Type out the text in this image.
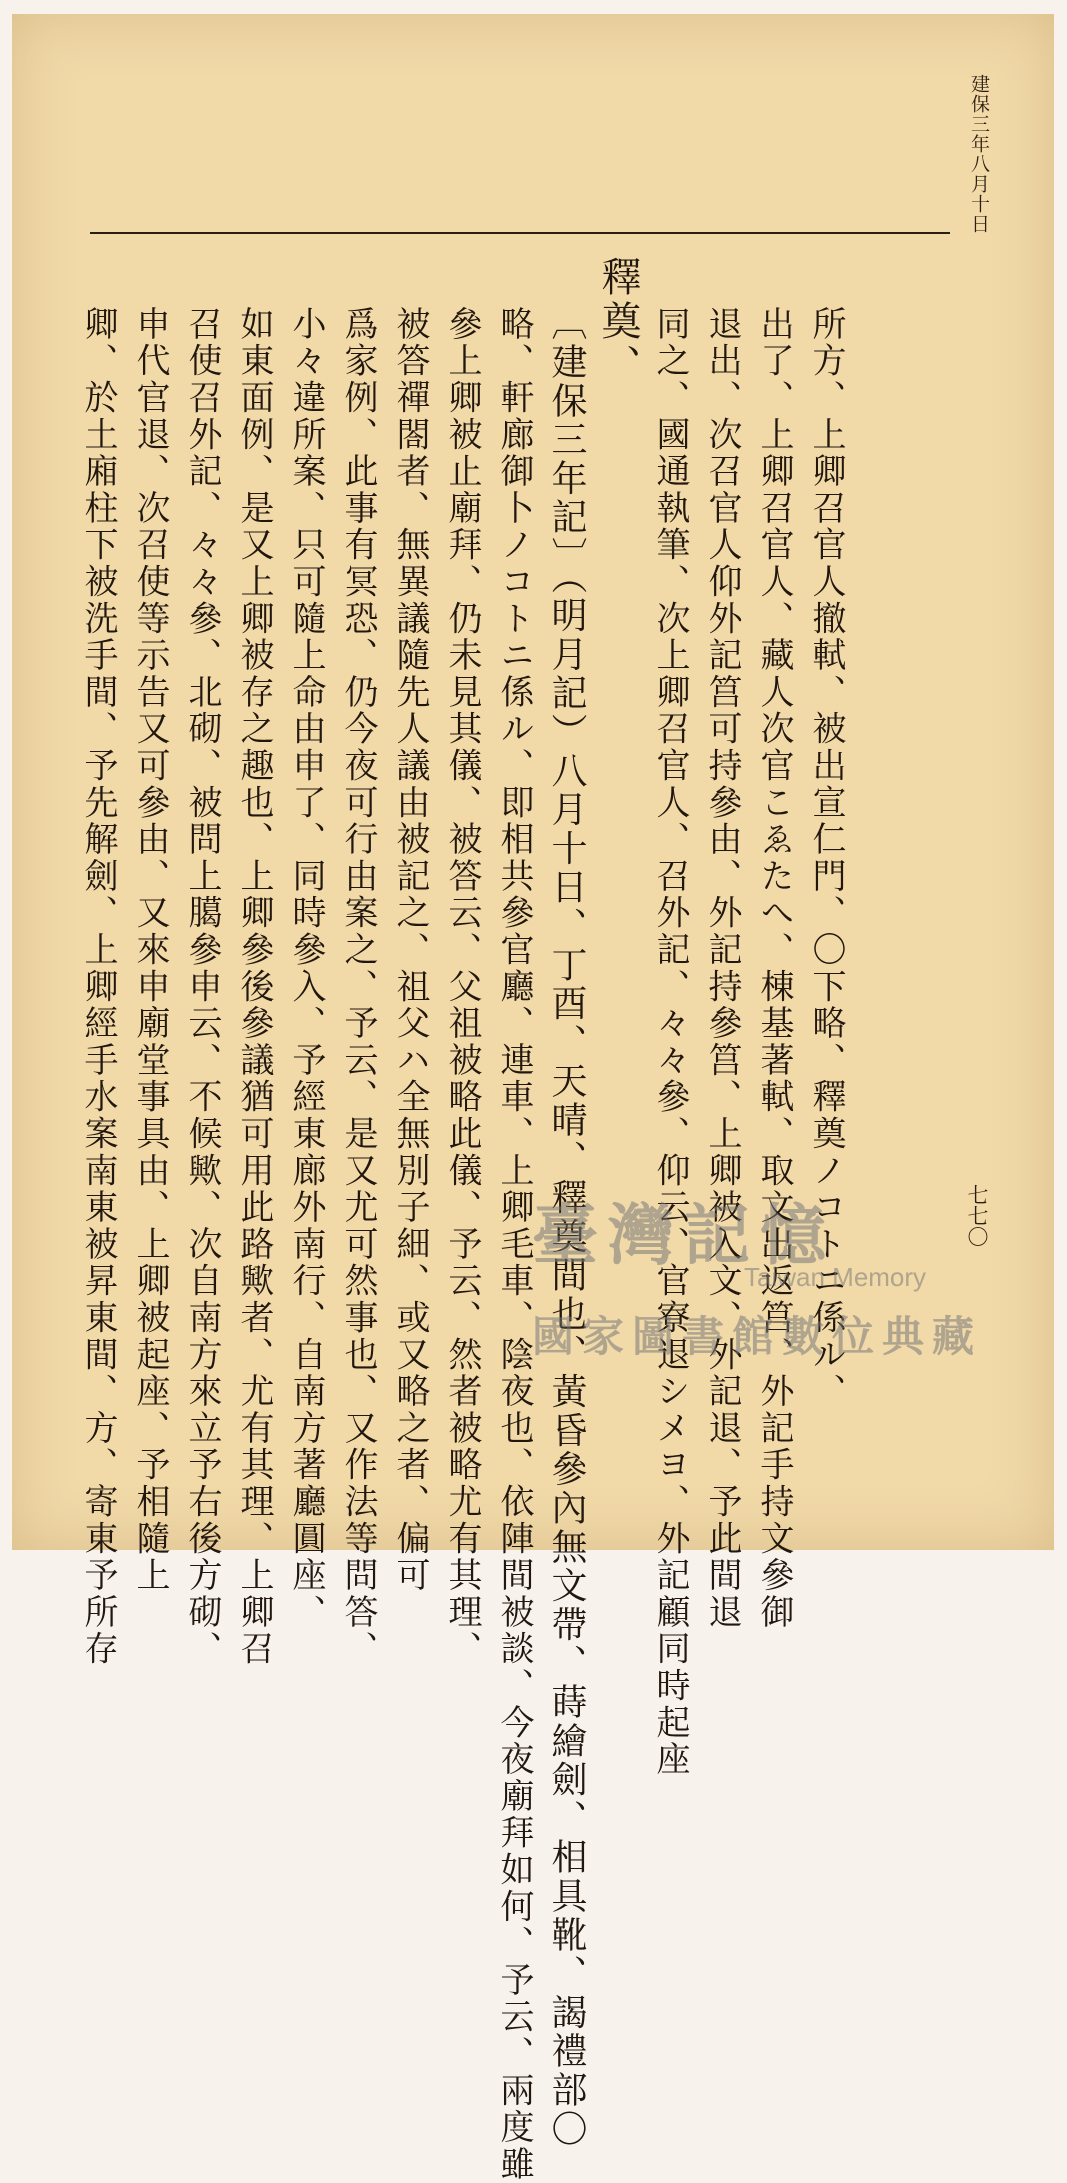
建保三年八月十日
所方、上卿召官人撤軾、被出宣仁門、〇下略、釋奠ノコトニ係ル、
出了、上卿召官人、藏人次官こゑたへ、棟基著軾、取文出返筥、外記手持文參御
退出、次召官人仰外記筥可持參由、外記持參筥、上卿被入文、外記退、予此間退
同之、國通執筆、次上卿召官人、召外記、々々參、仰云、官寮退シメヨ、外記顧同時起座
釋奠、
〔建保三年記〕（明月記）八月十日、丁酉、天晴、釋奠間也、黃昏參內無文帶、蒔繪劍、相具靴、謁禮部〇
略、軒廊御卜ノコトニ係ル、即相共參官廳、連車、上卿毛車、陰夜也、依陣間被談、今夜廟拜如何、予云、兩度雖
參上卿被止廟拜、仍未見其儀、被答云、父祖被略此儀、予云、然者被略尤有其理、
被答禪閤者、無異議隨先人議由被記之、祖父ハ全無別子細、或又略之者、偏可
爲家例、此事有冥恐、仍今夜可行由案之、予云、是又尤可然事也、又作法等問答、
小々違所案、只可隨上命由申了、同時參入、予經東廊外南行、自南方著廳圓座、
如東面例、是又上卿被存之趣也、上卿參後參議猶可用此路歟者、尤有其理、上卿召
召使召外記、々々參、北砌、被問上臈參申云、不候歟、次自南方來立予右後方砌、
申代官退、次召使等示告又可參由、又來申廟堂事具由、上卿被起座、予相隨上
卿、於土廂柱下被洗手間、予先解劍、上卿經手水案南東被昇東間、方、寄東予所存	七七〇
臺灣記憶
Taiwan Memory
國家圖書館數位典藏
